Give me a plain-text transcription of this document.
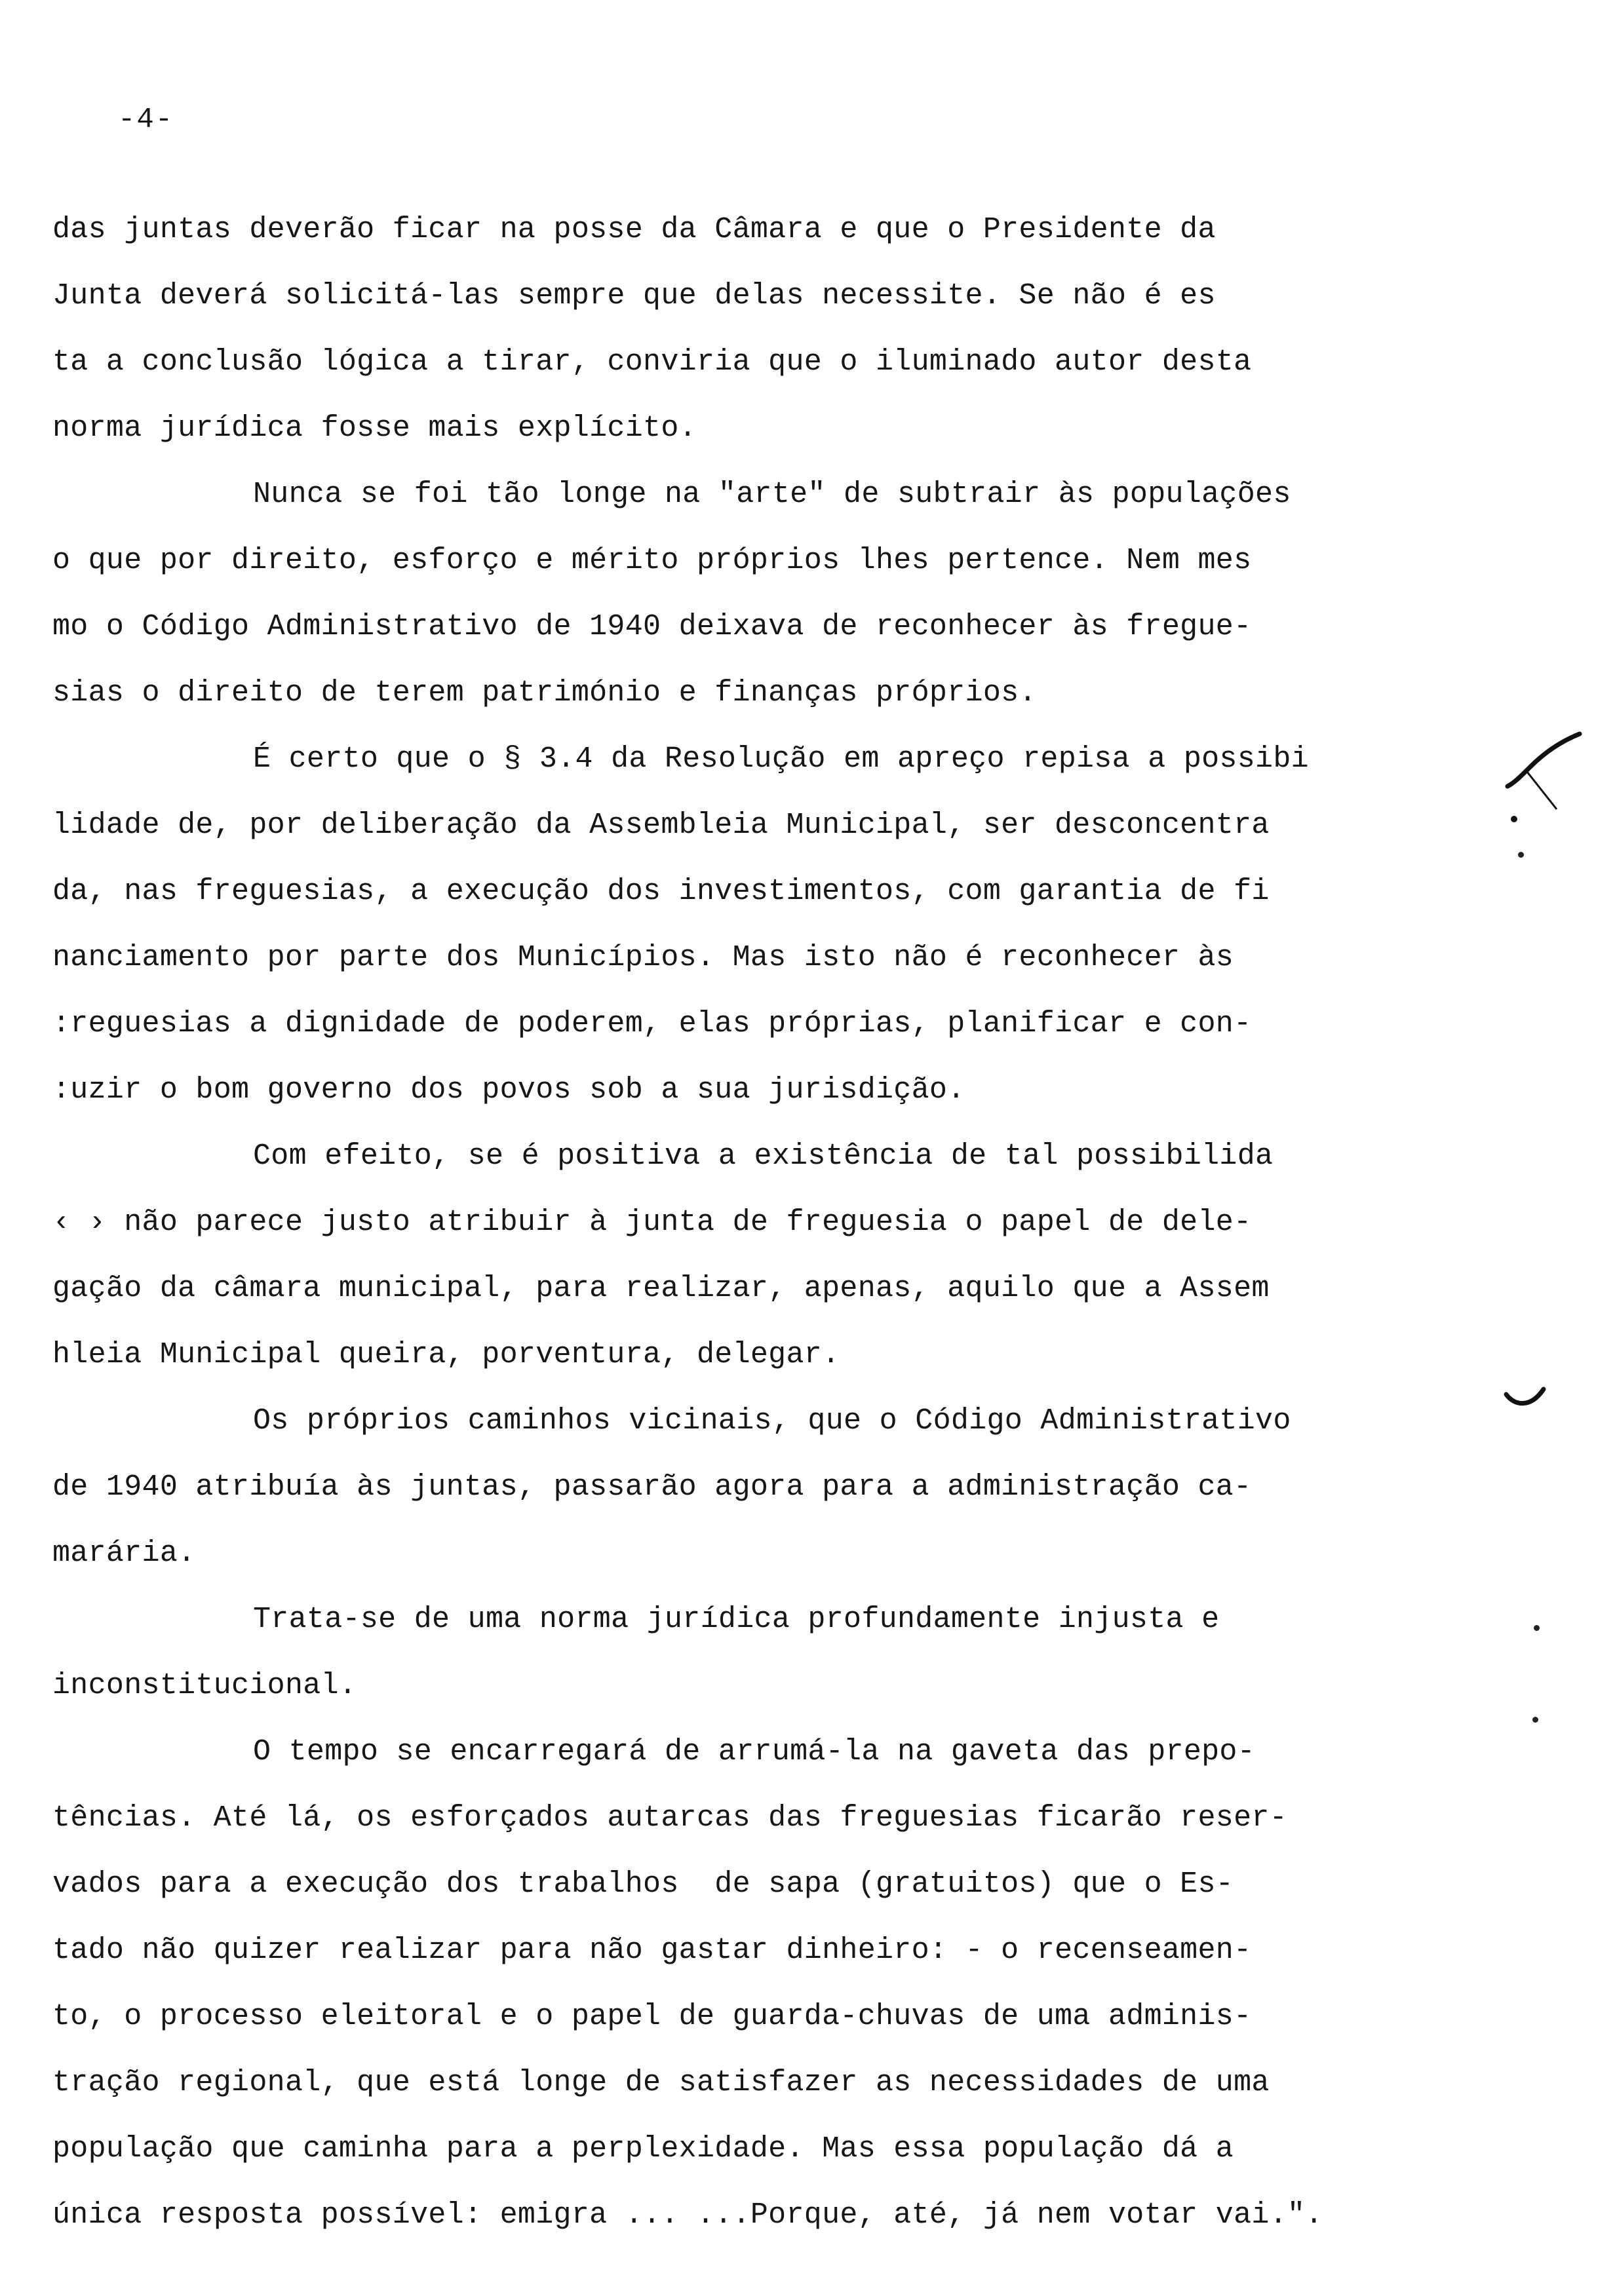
-4-
das juntas deverão ficar na posse da Câmara e que o Presidente da
Junta deverá solicitá-las sempre que delas necessite. Se não é es
ta a conclusão lógica a tirar, conviria que o iluminado autor desta
norma jurídica fosse mais explícito.
Nunca se foi tão longe na "arte" de subtrair às populações
o que por direito, esforço e mérito próprios lhes pertence. Nem mes
mo o Código Administrativo de 1940 deixava de reconhecer às fregue-
sias o direito de terem património e finanças próprios.
É certo que o § 3.4 da Resolução em apreço repisa a possibi
lidade de, por deliberação da Assembleia Municipal, ser desconcentra
da, nas freguesias, a execução dos investimentos, com garantia de fi
nanciamento por parte dos Municípios. Mas isto não é reconhecer às
:reguesias a dignidade de poderem, elas próprias, planificar e con-
:uzir o bom governo dos povos sob a sua jurisdição.
Com efeito, se é positiva a existência de tal possibilida
‹ › não parece justo atribuir à junta de freguesia o papel de dele-
gação da câmara municipal, para realizar, apenas, aquilo que a Assem
hleia Municipal queira, porventura, delegar.
Os próprios caminhos vicinais, que o Código Administrativo
de 1940 atribuía às juntas, passarão agora para a administração ca-
marária.
Trata-se de uma norma jurídica profundamente injusta e
inconstitucional.
O tempo se encarregará de arrumá-la na gaveta das prepo-
tências. Até lá, os esforçados autarcas das freguesias ficarão reser-
vados para a execução dos trabalhos  de sapa (gratuitos) que o Es-
tado não quizer realizar para não gastar dinheiro: - o recenseamen-
to, o processo eleitoral e o papel de guarda-chuvas de uma adminis-
tração regional, que está longe de satisfazer as necessidades de uma
população que caminha para a perplexidade. Mas essa população dá a
única resposta possível: emigra ... ...Porque, até, já nem votar vai.".
